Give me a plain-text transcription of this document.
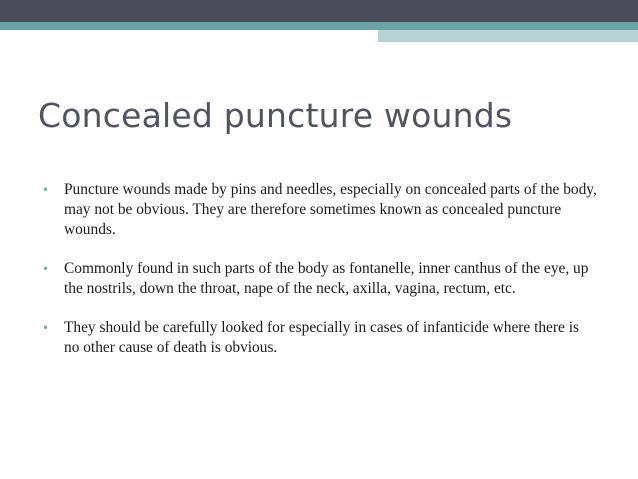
Concealed puncture wounds
• Puncture wounds made by pins and needles, especially on concealed parts of the body, may not be obvious. They are therefore sometimes known as concealed puncture wounds.
• Commonly found in such parts of the body as fontanelle, inner canthus of the eye, up the nostrils, down the throat, nape of the neck, axilla, vagina, rectum, etc.
• They should be carefully looked for especially in cases of infanticide where there is no other cause of death is obvious.
